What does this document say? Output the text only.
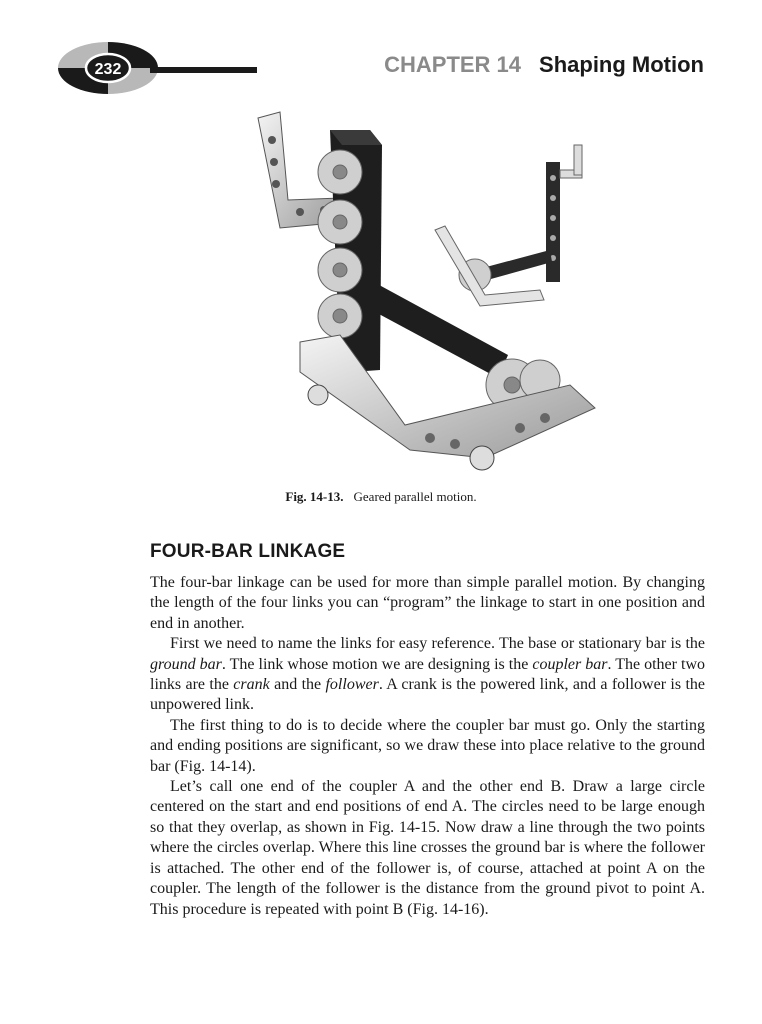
232	CHAPTER 14 Shaping Motion
Fig. 14-13. Geared parallel motion.
FOUR-BAR LINKAGE

The four-bar linkage can be used for more than simple parallel motion. By changing the length of the four links you can “program” the linkage to start in one position and end in another.

First we need to name the links for easy reference. The base or stationary bar is the ground bar. The link whose motion we are designing is the coupler bar. The other two links are the crank and the follower. A crank is the powered link, and a follower is the unpowered link.

The first thing to do is to decide where the coupler bar must go. Only the starting and ending positions are significant, so we draw these into place relative to the ground bar (Fig. 14-14).

Let’s call one end of the coupler A and the other end B. Draw a large circle centered on the start and end positions of end A. The circles need to be large enough so that they overlap, as shown in Fig. 14-15. Now draw a line through the two points where the circles overlap. Where this line crosses the ground bar is where the follower is attached. The other end of the follower is, of course, attached at point A on the coupler. The length of the follower is the distance from the ground pivot to point A. This procedure is repeated with point B (Fig. 14-16).
